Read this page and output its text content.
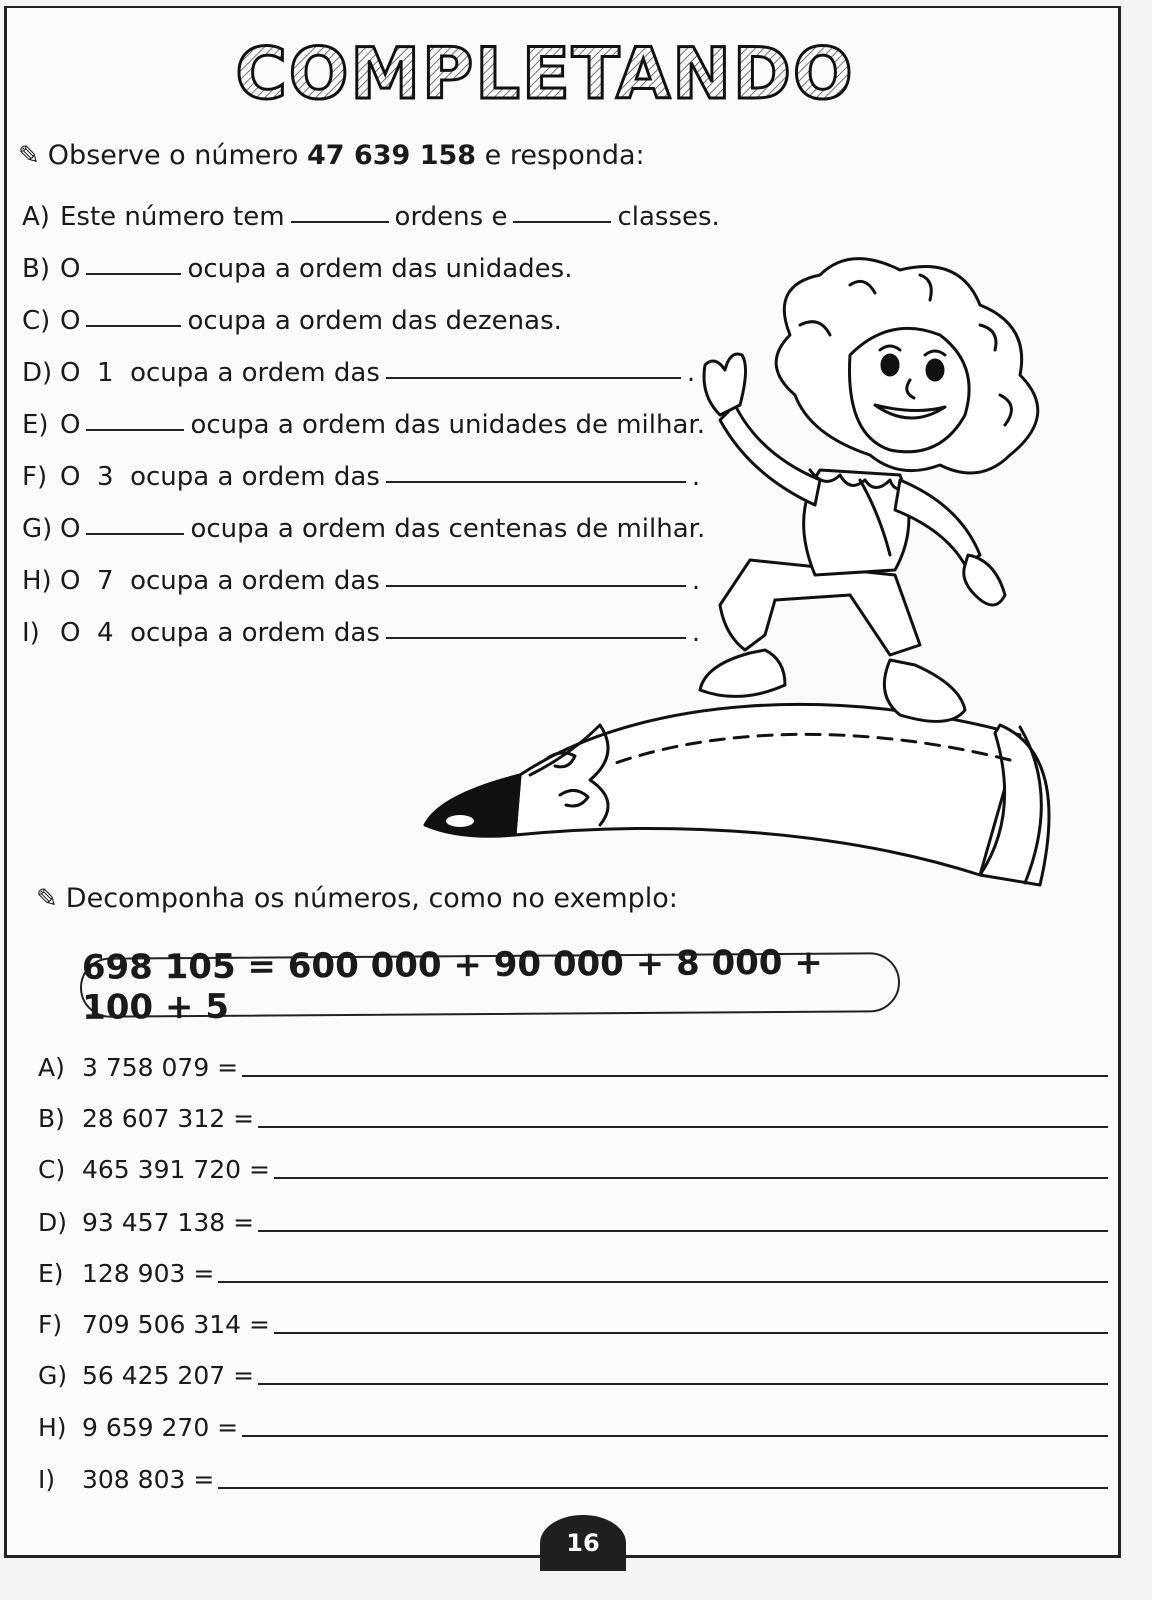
COMPLETANDO
✎ Observe o número 47 639 158 e responda:
A) Este número tem	ordens e	classes.
B) O	ocupa a ordem das unidades.
C) O	ocupa a ordem das dezenas.
D) O  1  ocupa a ordem das	.
E) O	ocupa a ordem das unidades de milhar.
F) O  3  ocupa a ordem das	.
G) O	ocupa a ordem das centenas de milhar.
H) O  7  ocupa a ordem das	.
I) O  4  ocupa a ordem das	.
✎ Decomponha os números, como no exemplo:
698 105 = 600 000 + 90 000 + 8 000 + 100 + 5
A) 3 758 079 =
B) 28 607 312 =
C) 465 391 720 =
D) 93 457 138 =
E) 128 903 =
F) 709 506 314 =
G) 56 425 207 =
H) 9 659 270 =
I)	308 803 =
16
